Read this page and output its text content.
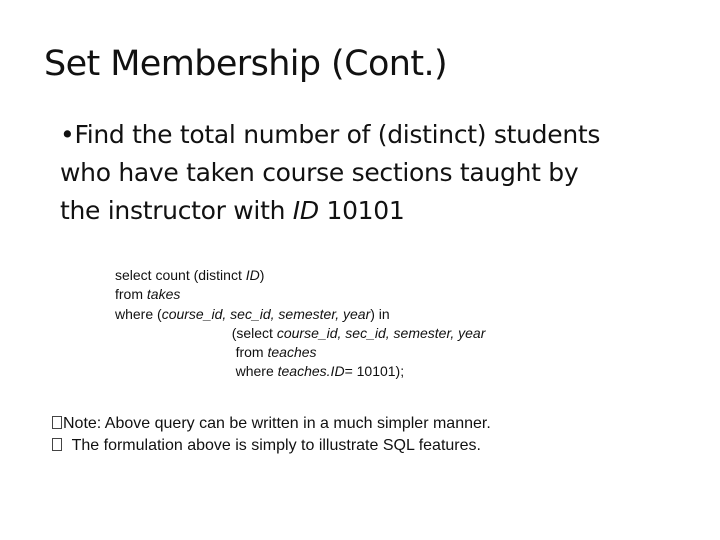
Set Membership (Cont.)
•Find the total number of (distinct) students
who have taken course sections taught by
the instructor with ID 10101
select count (distinct ID)
from takes
where (course_id, sec_id, semester, year) in
(select course_id, sec_id, semester, year
from teaches
where teaches.ID= 10101);
Note: Above query can be written in a much simpler manner.
The formulation above is simply to illustrate SQL features.
